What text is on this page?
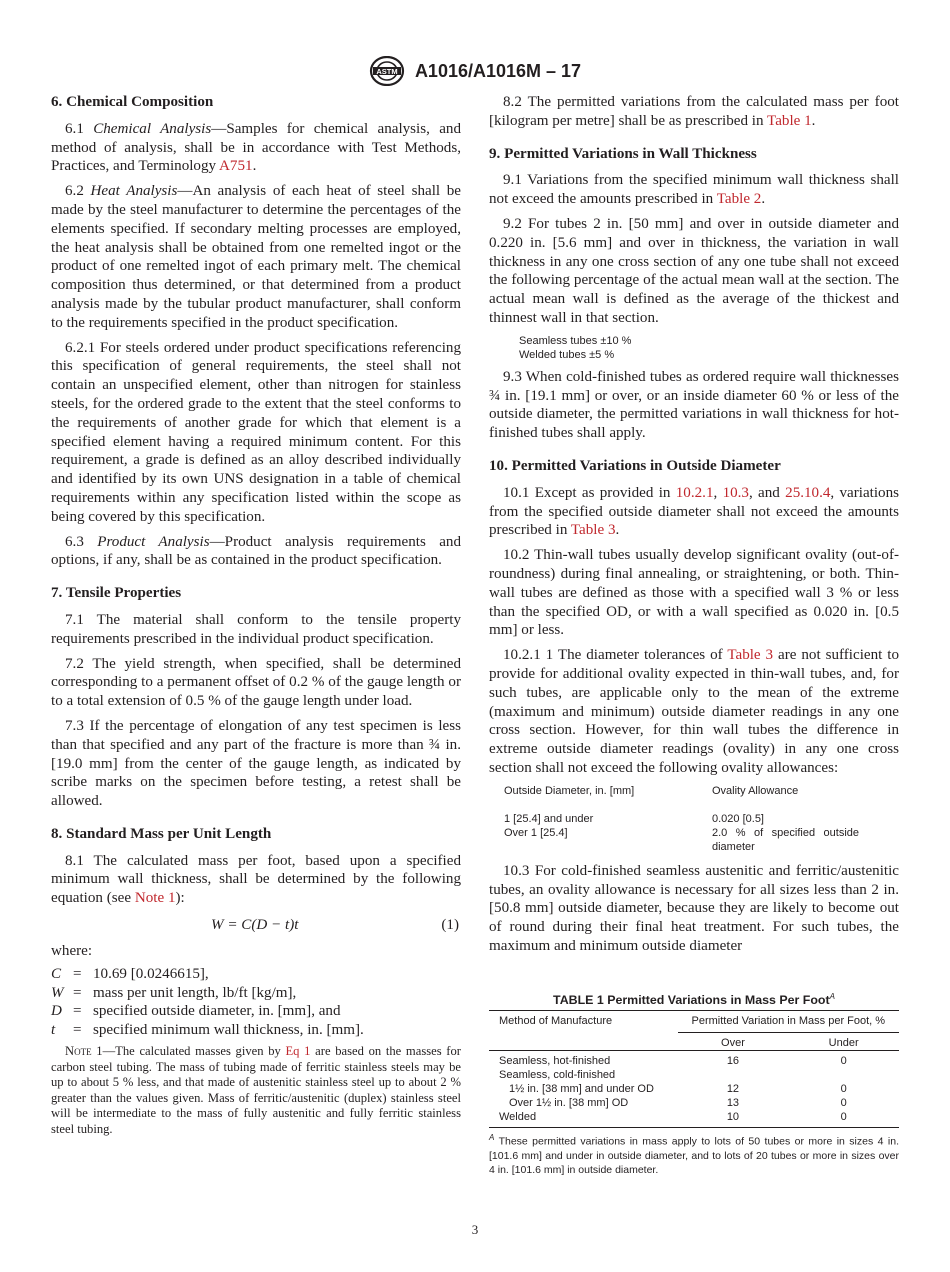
ASTM A1016/A1016M – 17
6. Chemical Composition

6.1 Chemical Analysis—Samples for chemical analysis, and method of analysis, shall be in accordance with Test Methods, Practices, and Terminology A751.

6.2 Heat Analysis—An analysis of each heat of steel shall be made by the steel manufacturer to determine the percentages of the elements specified. If secondary melting processes are employed, the heat analysis shall be obtained from one remelted ingot or the product of one remelted ingot of each primary melt. The chemical composition thus determined, or that determined from a product analysis made by the tubular product manufacturer, shall conform to the requirements specified in the product specification.

6.2.1 For steels ordered under product specifications referencing this specification of general requirements, the steel shall not contain an unspecified element, other than nitrogen for stainless steels, for the ordered grade to the extent that the steel conforms to the requirements of another grade for which that element is a specified element having a required minimum content. For this requirement, a grade is defined as an alloy described individually and identified by its own UNS designation in a table of chemical requirements within any specification listed within the scope as being covered by this specification.

6.3 Product Analysis—Product analysis requirements and options, if any, shall be as contained in the product specification.

7. Tensile Properties

7.1 The material shall conform to the tensile property requirements prescribed in the individual product specification.

7.2 The yield strength, when specified, shall be determined corresponding to a permanent offset of 0.2 % of the gauge length or to a total extension of 0.5 % of the gauge length under load.

7.3 If the percentage of elongation of any test specimen is less than that specified and any part of the fracture is more than ¾ in. [19.0 mm] from the center of the gauge length, as indicated by scribe marks on the specimen before testing, a retest shall be allowed.

8. Standard Mass per Unit Length

8.1 The calculated mass per foot, based upon a specified minimum wall thickness, shall be determined by the following equation (see Note 1):

W = C(D − t)t	(1)
where:
C = 10.69 [0.0246615],
W = mass per unit length, lb/ft [kg/m],
D = specified outside diameter, in. [mm], and
t	= specified minimum wall thickness, in. [mm].
Note 1—The calculated masses given by Eq 1 are based on the masses for carbon steel tubing. The mass of tubing made of ferritic stainless steels may be up to about 5 % less, and that made of austenitic stainless steel up to about 2 % greater than the values given. Mass of ferritic/austenitic (duplex) stainless steel will be intermediate to the mass of fully austenitic and fully ferritic stainless steel tubing.

8.2 The permitted variations from the calculated mass per foot [kilogram per metre] shall be as prescribed in Table 1.

9. Permitted Variations in Wall Thickness

9.1 Variations from the specified minimum wall thickness shall not exceed the amounts prescribed in Table 2.

9.2 For tubes 2 in. [50 mm] and over in outside diameter and 0.220 in. [5.6 mm] and over in thickness, the variation in wall thickness in any one cross section of any one tube shall not exceed the following percentage of the actual mean wall at the section. The actual mean wall is defined as the average of the thickest and thinnest wall in that section.

Seamless tubes ±10 %
Welded tubes ±5 %

9.3 When cold-finished tubes as ordered require wall thicknesses ¾ in. [19.1 mm] or over, or an inside diameter 60 % or less of the outside diameter, the permitted variations in wall thickness for hot-finished tubes shall apply.

10. Permitted Variations in Outside Diameter

10.1 Except as provided in 10.2.1, 10.3, and 25.10.4, variations from the specified outside diameter shall not exceed the amounts prescribed in Table 3.

10.2 Thin-wall tubes usually develop significant ovality (out-of-roundness) during final annealing, or straightening, or both. Thin-wall tubes are defined as those with a specified wall 3 % or less than the specified OD, or with a wall specified as 0.020 in. [0.5 mm] or less.

10.2.1 1 The diameter tolerances of Table 3 are not sufficient to provide for additional ovality expected in thin-wall tubes, and, for such tubes, are applicable only to the mean of the extreme (maximum and minimum) outside diameter readings in any one cross section. However, for thin wall tubes the difference in extreme outside diameter readings (ovality) in any one cross section shall not exceed the following ovality allowances:

Outside Diameter, in. [mm]	Ovality Allowance
1 [25.4] and under	0.020 [0.5]
Over 1 [25.4]	2.0 % of specified outside diameter

10.3 For cold-finished seamless austenitic and ferritic/austenitic tubes, an ovality allowance is necessary for all sizes less than 2 in. [50.8 mm] outside diameter, because they are likely to become out of round during their final heat treatment. For such tubes, the maximum and minimum outside diameter

TABLE 1 Permitted Variations in Mass Per Foot$^A$
Method of Manufacture	Permitted Variation in Mass per Foot, %	

	Over	Under
Seamless, hot-finished	16	0
Seamless, cold-finished		
1½ in. [38 mm] and under OD	12	0
Over 1½ in. [38 mm] OD	13	0
Welded	10	0
$^A$ These permitted variations in mass apply to lots of 50 tubes or more in sizes 4 in. [101.6 mm] and under in outside diameter, and to lots of 20 tubes or more in sizes over 4 in. [101.6 mm] in outside diameter.
3
